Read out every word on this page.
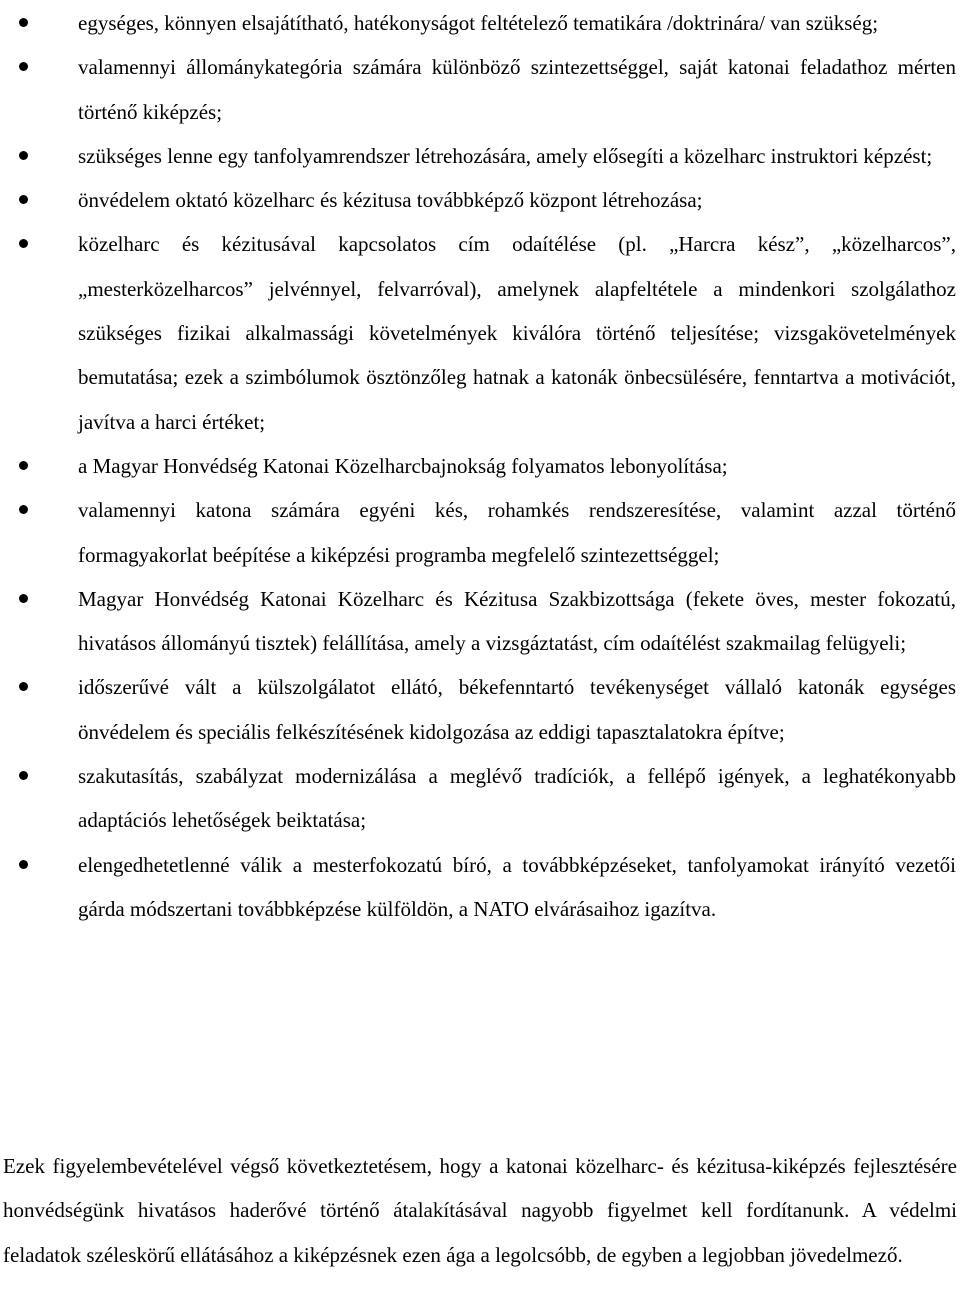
egységes, könnyen elsajátítható, hatékonyságot feltételező tematikára /doktrinára/ van szükség;
valamennyi állománykategória számára különböző szintezettséggel, saját katonai feladathoz mérten történő kiképzés;
szükséges lenne egy tanfolyamrendszer létrehozására, amely elősegíti a közelharc instruktori képzést;
önvédelem oktató közelharc és kézitusa továbbképző központ létrehozása;
közelharc és kézitusával kapcsolatos cím odaítélése (pl. „Harcra kész”, „közelharcos”, „mesterközelharcos” jelvénnyel, felvarróval), amelynek alapfeltétele a mindenkori szolgálathoz szükséges fizikai alkalmassági követelmények kiválóra történő teljesítése; vizsgakövetelmények bemutatása; ezek a szimbólumok ösztönzőleg hatnak a katonák önbecsülésére, fenntartva a motivációt, javítva a harci értéket;
a Magyar Honvédség Katonai Közelharcbajnokság folyamatos lebonyolítása;
valamennyi katona számára egyéni kés, rohamkés rendszeresítése, valamint azzal történő formagyakorlat beépítése a kiképzési programba megfelelő szintezettséggel;
Magyar Honvédség Katonai Közelharc és Kézitusa Szakbizottsága (fekete öves, mester fokozatú, hivatásos állományú tisztek) felállítása, amely a vizsgáztatást, cím odaítélést szakmailag felügyeli;
időszerűvé vált a külszolgálatot ellátó, békefenntartó tevékenységet vállaló katonák egységes önvédelem és speciális felkészítésének kidolgozása az eddigi tapasztalatokra építve;
szakutasítás, szabályzat modernizálása a meglévő tradíciók, a fellépő igények, a leghatékonyabb adaptációs lehetőségek beiktatása;
elengedhetetlenné válik a mesterfokozatú bíró, a továbbképzéseket, tanfolyamokat irányító vezetői gárda módszertani továbbképzése külföldön, a NATO elvárásaihoz igazítva.

Ezek figyelembevételével végső következtetésem, hogy a katonai közelharc- és kézitusa-kiképzés fejlesztésére honvédségünk hivatásos haderővé történő átalakításával nagyobb figyelmet kell fordítanunk. A védelmi feladatok széleskörű ellátásához a kiképzésnek ezen ága a legolcsóbb, de egyben a legjobban jövedelmező.
